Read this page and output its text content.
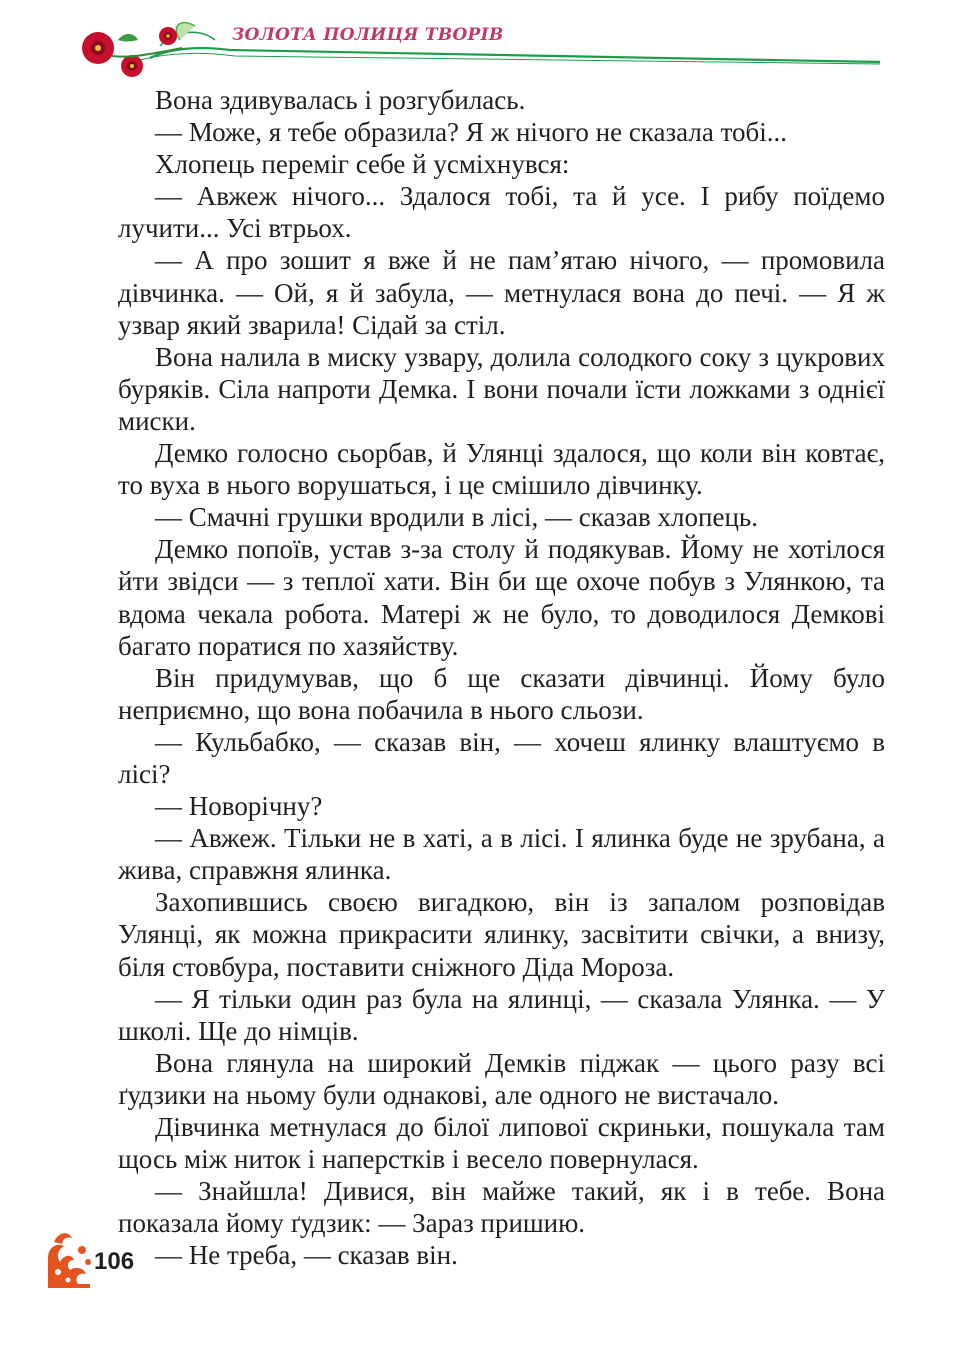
ЗОЛОТА ПОЛИЦЯ ТВОРІВ

Вона здивувалась і розгубилась.

— Може, я тебе образила? Я ж нічого не сказала тобі...

Хлопець переміг себе й усміхнувся:

— Авжеж нічого... Здалося тобі, та й усе. І рибу поїдемо лучити... Усі втрьох.

— А про зошит я вже й не пам’ятаю нічого, — промовила дівчинка. — Ой, я й забула, — метнулася вона до печі. — Я ж узвар який зварила! Сідай за стіл.

Вона налила в миску узвару, долила солодкого соку з цукрових буряків. Сіла напроти Демка. І вони почали їсти ложками з однієї миски.

Демко голосно сьорбав, й Улянці здалося, що коли він ковтає, то вуха в нього ворушаться, і це смішило дівчинку.

— Смачні грушки вродили в лісі, — сказав хлопець.

Демко попоїв, устав з-за столу й подякував. Йому не хотілося йти звідси — з теплої хати. Він би ще охоче побув з Улянкою, та вдома чекала робота. Матері ж не було, то доводилося Демкові багато поратися по хазяйству.

Він придумував, що б ще сказати дівчинці. Йому було неприємно, що вона побачила в нього сльози.

— Кульбабко, — сказав він, — хочеш ялинку влаштуємо в лісі?

— Новорічну?

— Авжеж. Тільки не в хаті, а в лісі. І ялинка буде не зрубана, а жива, справжня ялинка.

Захопившись своєю вигадкою, він із запалом розповідав Улянці, як можна прикрасити ялинку, засвітити свічки, а внизу, біля стовбура, поставити сніжного Діда Мороза.

— Я тільки один раз була на ялинці, — сказала Улянка. — У школі. Ще до німців.

Вона глянула на широкий Демків піджак — цього разу всі ґудзики на ньому були однакові, але одного не вистачало.

Дівчинка метнулася до білої липової скриньки, пошукала там щось між ниток і наперстків і весело повернулася.

— Знайшла! Дивися, він майже такий, як і в тебе. Вона показала йому ґудзик: — Зараз пришию.

— Не треба, — сказав він.

106
